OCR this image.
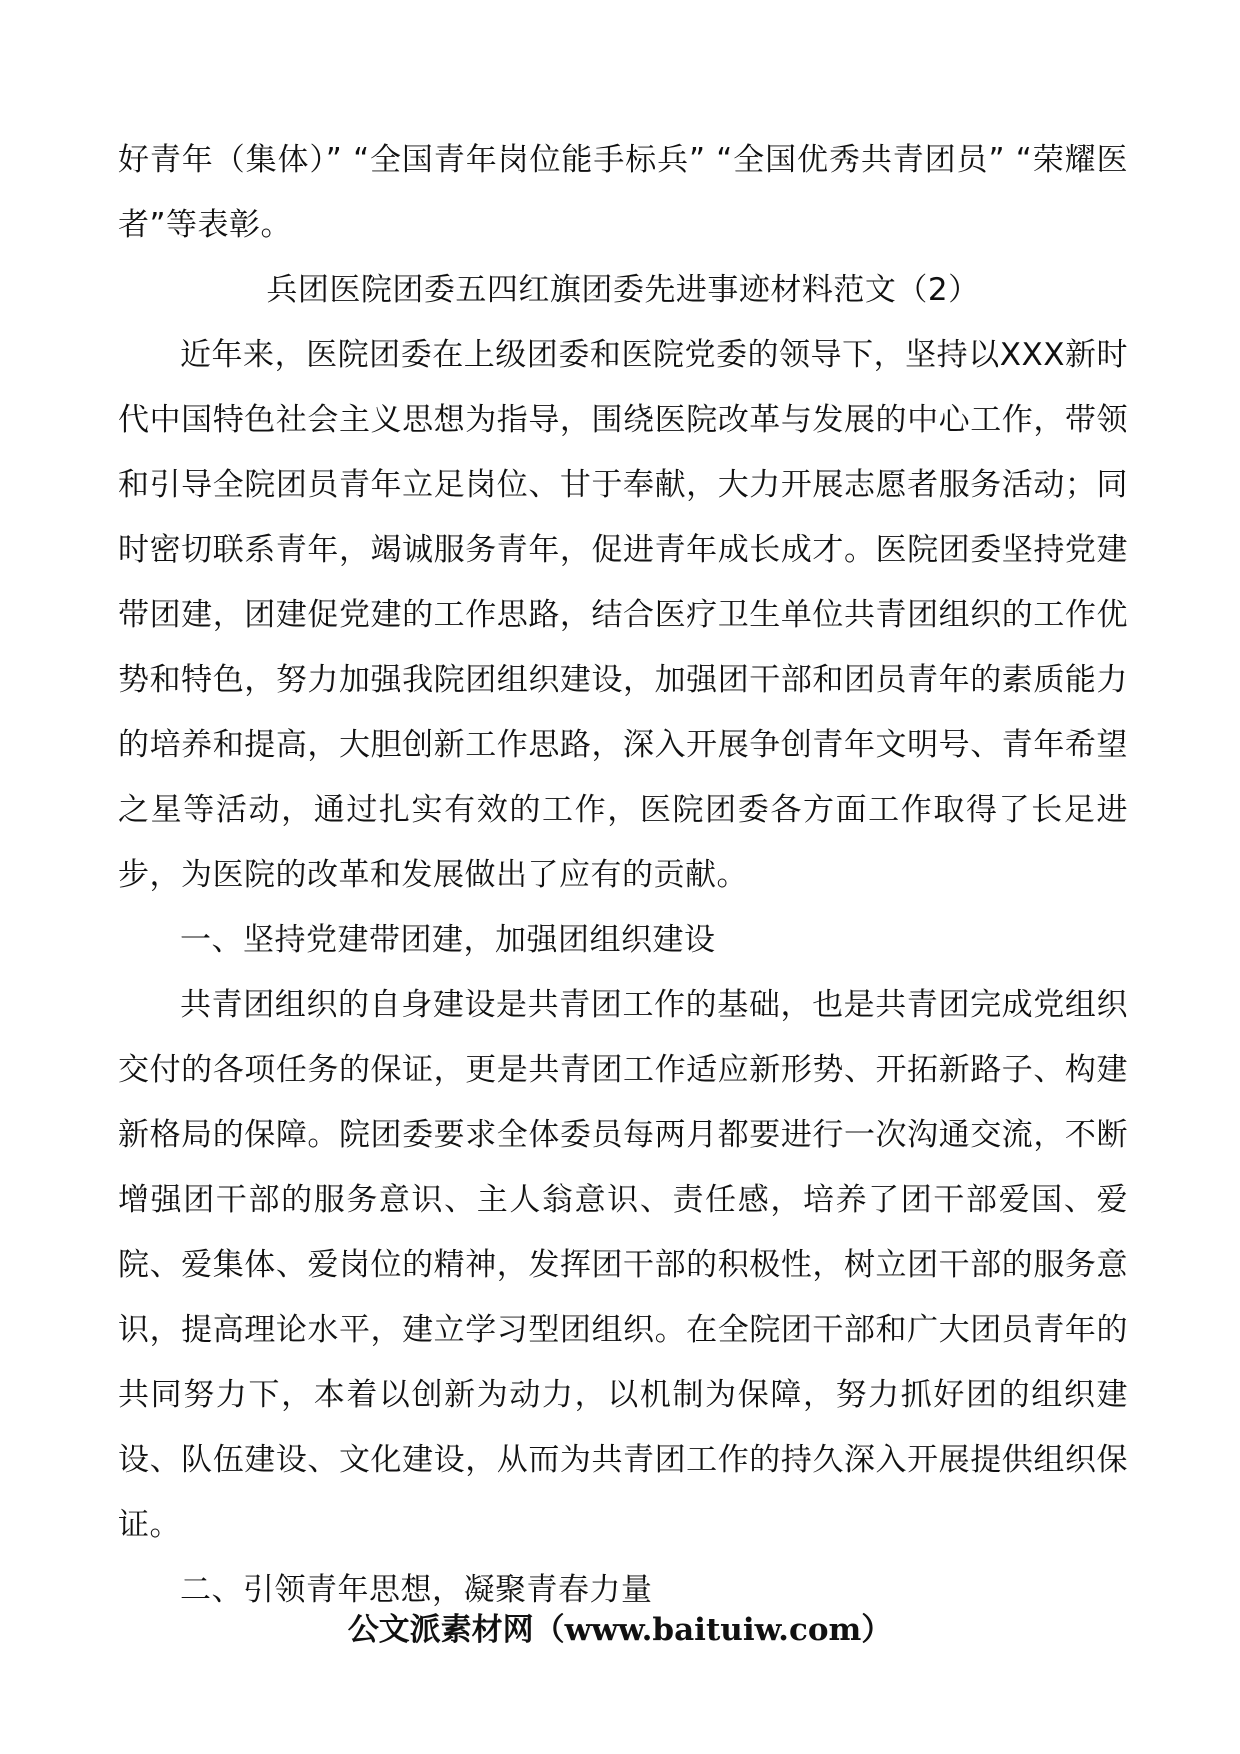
好青年（集体）” “全国青年岗位能手标兵” “全国优秀共青团员” “荣耀医者”等表彰。

兵团医院团委五四红旗团委先进事迹材料范文（2）

近年来，医院团委在上级团委和医院党委的领导下，坚持以XXX新时代中国特色社会主义思想为指导，围绕医院改革与发展的中心工作，带领和引导全院团员青年立足岗位、甘于奉献，大力开展志愿者服务活动；同时密切联系青年，竭诚服务青年，促进青年成长成才。医院团委坚持党建带团建，团建促党建的工作思路，结合医疗卫生单位共青团组织的工作优势和特色，努力加强我院团组织建设，加强团干部和团员青年的素质能力的培养和提高，大胆创新工作思路，深入开展争创青年文明号、青年希望之星等活动，通过扎实有效的工作，医院团委各方面工作取得了长足进步，为医院的改革和发展做出了应有的贡献。

一、坚持党建带团建，加强团组织建设

共青团组织的自身建设是共青团工作的基础，也是共青团完成党组织交付的各项任务的保证，更是共青团工作适应新形势、开拓新路子、构建新格局的保障。院团委要求全体委员每两月都要进行一次沟通交流，不断增强团干部的服务意识、主人翁意识、责任感，培养了团干部爱国、爱院、爱集体、爱岗位的精神，发挥团干部的积极性，树立团干部的服务意识，提高理论水平，建立学习型团组织。在全院团干部和广大团员青年的共同努力下，本着以创新为动力，以机制为保障，努力抓好团的组织建设、队伍建设、文化建设，从而为共青团工作的持久深入开展提供组织保证。

二、引领青年思想，凝聚青春力量

公文派素材网（www.baituiw.com）
